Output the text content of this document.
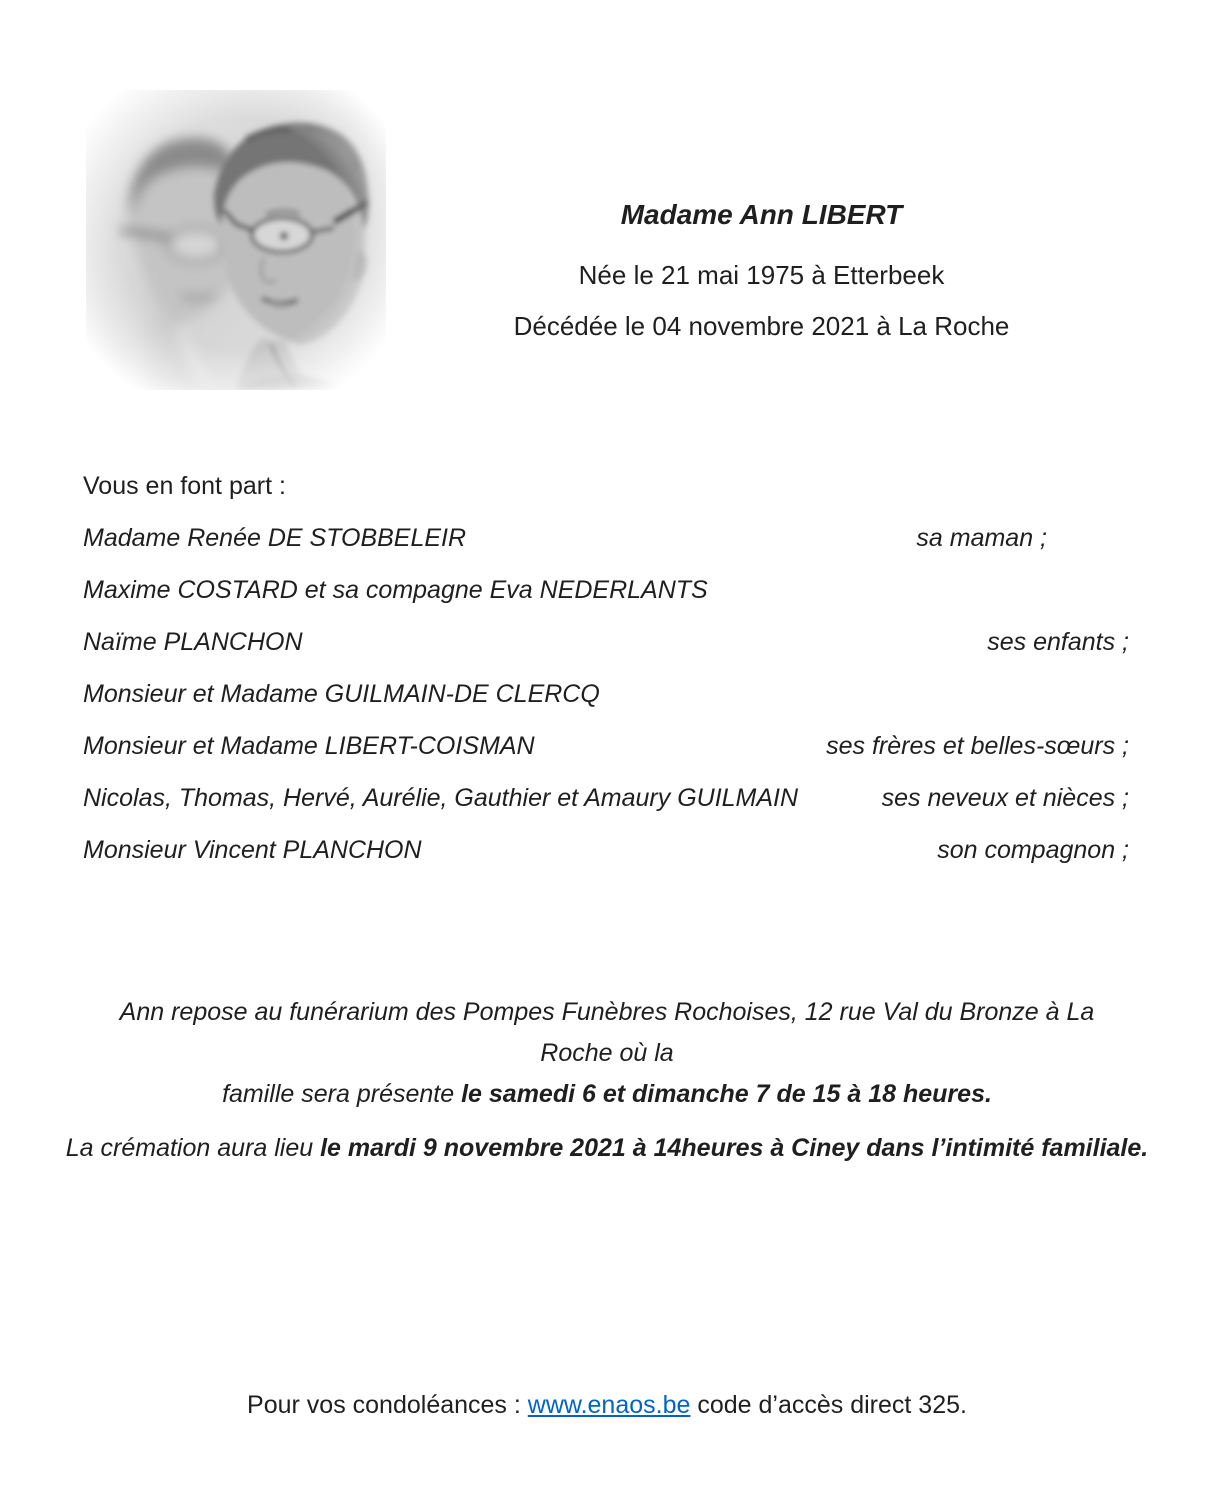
Madame Ann LIBERT
Née le 21 mai 1975 à Etterbeek
Décédée le 04 novembre 2021 à La Roche
Vous en font part :
Madame Renée DE STOBBELEIR	sa maman ;
Maxime COSTARD et sa compagne Eva NEDERLANTS
Naïme PLANCHON	ses enfants ;
Monsieur et Madame GUILMAIN-DE CLERCQ
Monsieur et Madame LIBERT-COISMAN	ses frères et belles-sœurs ;
Nicolas, Thomas, Hervé, Aurélie, Gauthier et Amaury GUILMAIN	ses neveux et nièces ;
Monsieur Vincent PLANCHON	son compagnon ;
Ann repose au funérarium des Pompes Funèbres Rochoises, 12 rue Val du Bronze à La Roche où la
famille sera présente le samedi 6 et dimanche 7 de 15 à 18 heures.
La crémation aura lieu le mardi 9 novembre 2021 à 14heures à Ciney dans l’intimité familiale.
Pour vos condoléances : www.enaos.be code d’accès direct 325.
